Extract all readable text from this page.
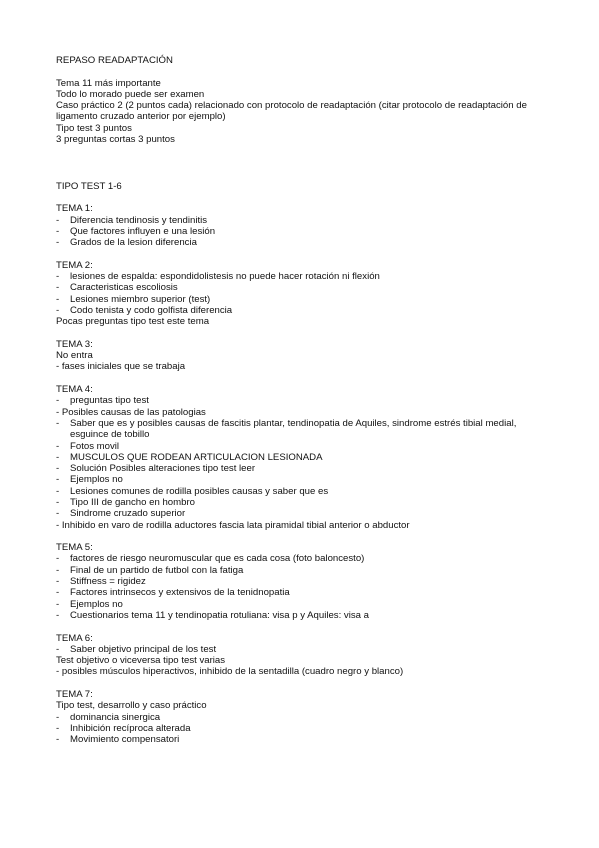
REPASO READAPTACIÓN
Tema 11 más importante
Todo lo morado puede ser examen
Caso práctico 2 (2 puntos cada) relacionado con protocolo de readaptación (citar protocolo de readaptación de ligamento cruzado anterior por ejemplo)
Tipo test 3 puntos
3 preguntas cortas 3 puntos
TIPO TEST 1-6
TEMA 1:
- Diferencia tendinosis y tendinitis
- Que factores influyen e una lesión
- Grados de la lesion diferencia
TEMA 2:
- lesiones de espalda: espondidolistesis no puede hacer rotación ni flexión
- Caracteristicas escoliosis
- Lesiones miembro superior (test)
- Codo tenista y codo golfista diferencia
Pocas preguntas tipo test este tema
TEMA 3:
No entra
- fases iniciales que se trabaja
TEMA 4:
- preguntas tipo test
- Posibles causas de las patologias
- Saber que es y posibles causas de fascitis plantar, tendinopatia de Aquiles, sindrome estrés tibial medial, esguince de tobillo
- Fotos movil
- MUSCULOS QUE RODEAN ARTICULACION LESIONADA
- Solución Posibles alteraciones tipo test leer
- Ejemplos no
- Lesiones comunes de rodilla posibles causas y saber que es
- Tipo III de gancho en hombro
- Sindrome cruzado superior
- Inhibido en varo de rodilla aductores fascia lata piramidal tibial anterior o abductor
TEMA 5:
- factores de riesgo neuromuscular que es cada cosa (foto baloncesto)
- Final de un partido de futbol con la fatiga
- Stiffness = rigidez
- Factores intrinsecos y extensivos de la tenidnopatia
- Ejemplos no
- Cuestionarios tema 11 y tendinopatia rotuliana: visa p y Aquiles: visa a
TEMA 6:
- Saber objetivo principal de los test
Test objetivo o viceversa tipo test varias
- posibles músculos hiperactivos, inhibido de la sentadilla (cuadro negro y blanco)
TEMA 7:
Tipo test, desarrollo y caso práctico
- dominancia sinergica
- Inhibición recíproca alterada
- Movimiento compensatori
